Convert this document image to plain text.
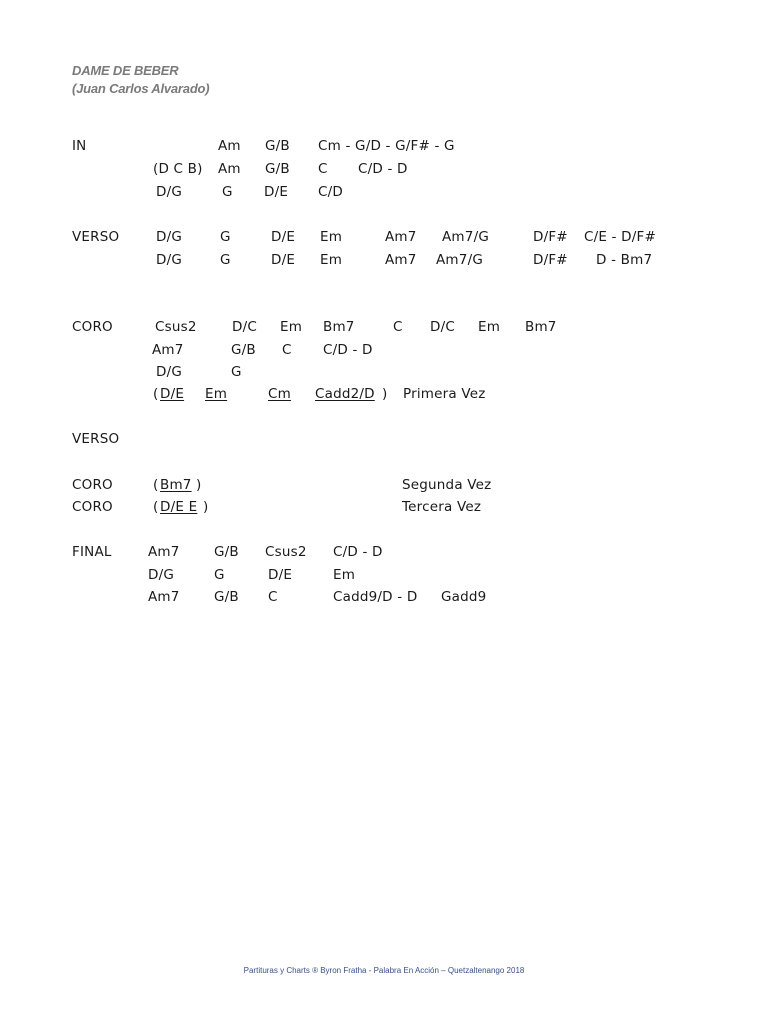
DAME DE BEBER
(Juan Carlos Alvarado)
IN	Am G/B Cm - G/D - G/F# - G
(D C B) Am G/B C C/D - D
D/G	G D/E C/D
VERSO	D/G	G	D/E Em	Am7 Am7/G	D/F# C/E - D/F#
D/G	G	D/E Em	Am7 Am7/G	D/F# D - Bm7
CORO	Csus2	D/C Em Bm7	C D/C Em Bm7
Am7	G/B C C/D - D
D/G	G
( D/E	Em	Cm	Cadd2/D ) Primera Vez
VERSO
CORO	( Bm7 )	Segunda Vez
CORO	( D/E E )	Tercera Vez
FINAL	Am7	G/B Csus2 C/D - D
D/G	G	D/E	Em
Am7	G/B C	Cadd9/D - D Gadd9
Partituras y Charts ® Byron Fratha - Palabra En Acción – Quetzaltenango 2018
